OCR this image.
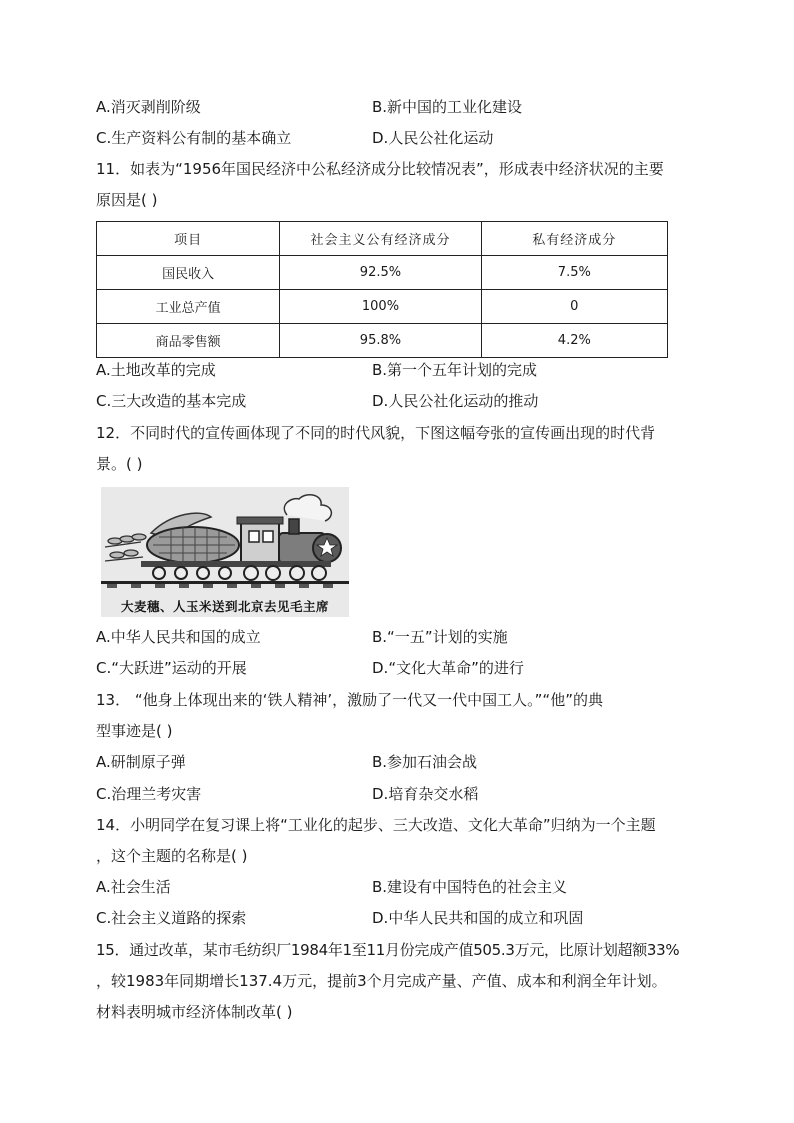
A.消灭剥削阶级	B.新中国的工业化建设
C.生产资料公有制的基本确立	D.人民公社化运动
11．如表为“1956年国民经济中公私经济成分比较情况表”，形成表中经济状况的主要
原因是( )
项目	社会主义公有经济成分	私有经济成分
国民收入	92.5%	7.5%
工业总产值	100%	0
商品零售额	95.8%	4.2%
A.土地改革的完成	B.第一个五年计划的完成
C.三大改造的基本完成	D.人民公社化运动的推动
12．不同时代的宣传画体现了不同的时代风貌，下图这幅夸张的宣传画出现的时代背
景。( )
大麦穗、人玉米送到北京去见毛主席
A.中华人民共和国的成立	B.“一五”计划的实施
C.“大跃进”运动的开展	D.“文化大革命”的进行
13． “他身上体现出来的‘铁人精神’，激励了一代又一代中国工人。”“他”的典
型事迹是( )
A.研制原子弹	B.参加石油会战
C.治理兰考灾害	D.培育杂交水稻
14．小明同学在复习课上将“工业化的起步、三大改造、文化大革命”归纳为一个主题
，这个主题的名称是( )
A.社会生活	B.建设有中国特色的社会主义
C.社会主义道路的探索	D.中华人民共和国的成立和巩固
15．通过改革，某市毛纺织厂1984年1至11月份完成产值505.3万元，比原计划超额33%
，较1983年同期增长137.4万元，提前3个月完成产量、产值、成本和利润全年计划。
材料表明城市经济体制改革( )
